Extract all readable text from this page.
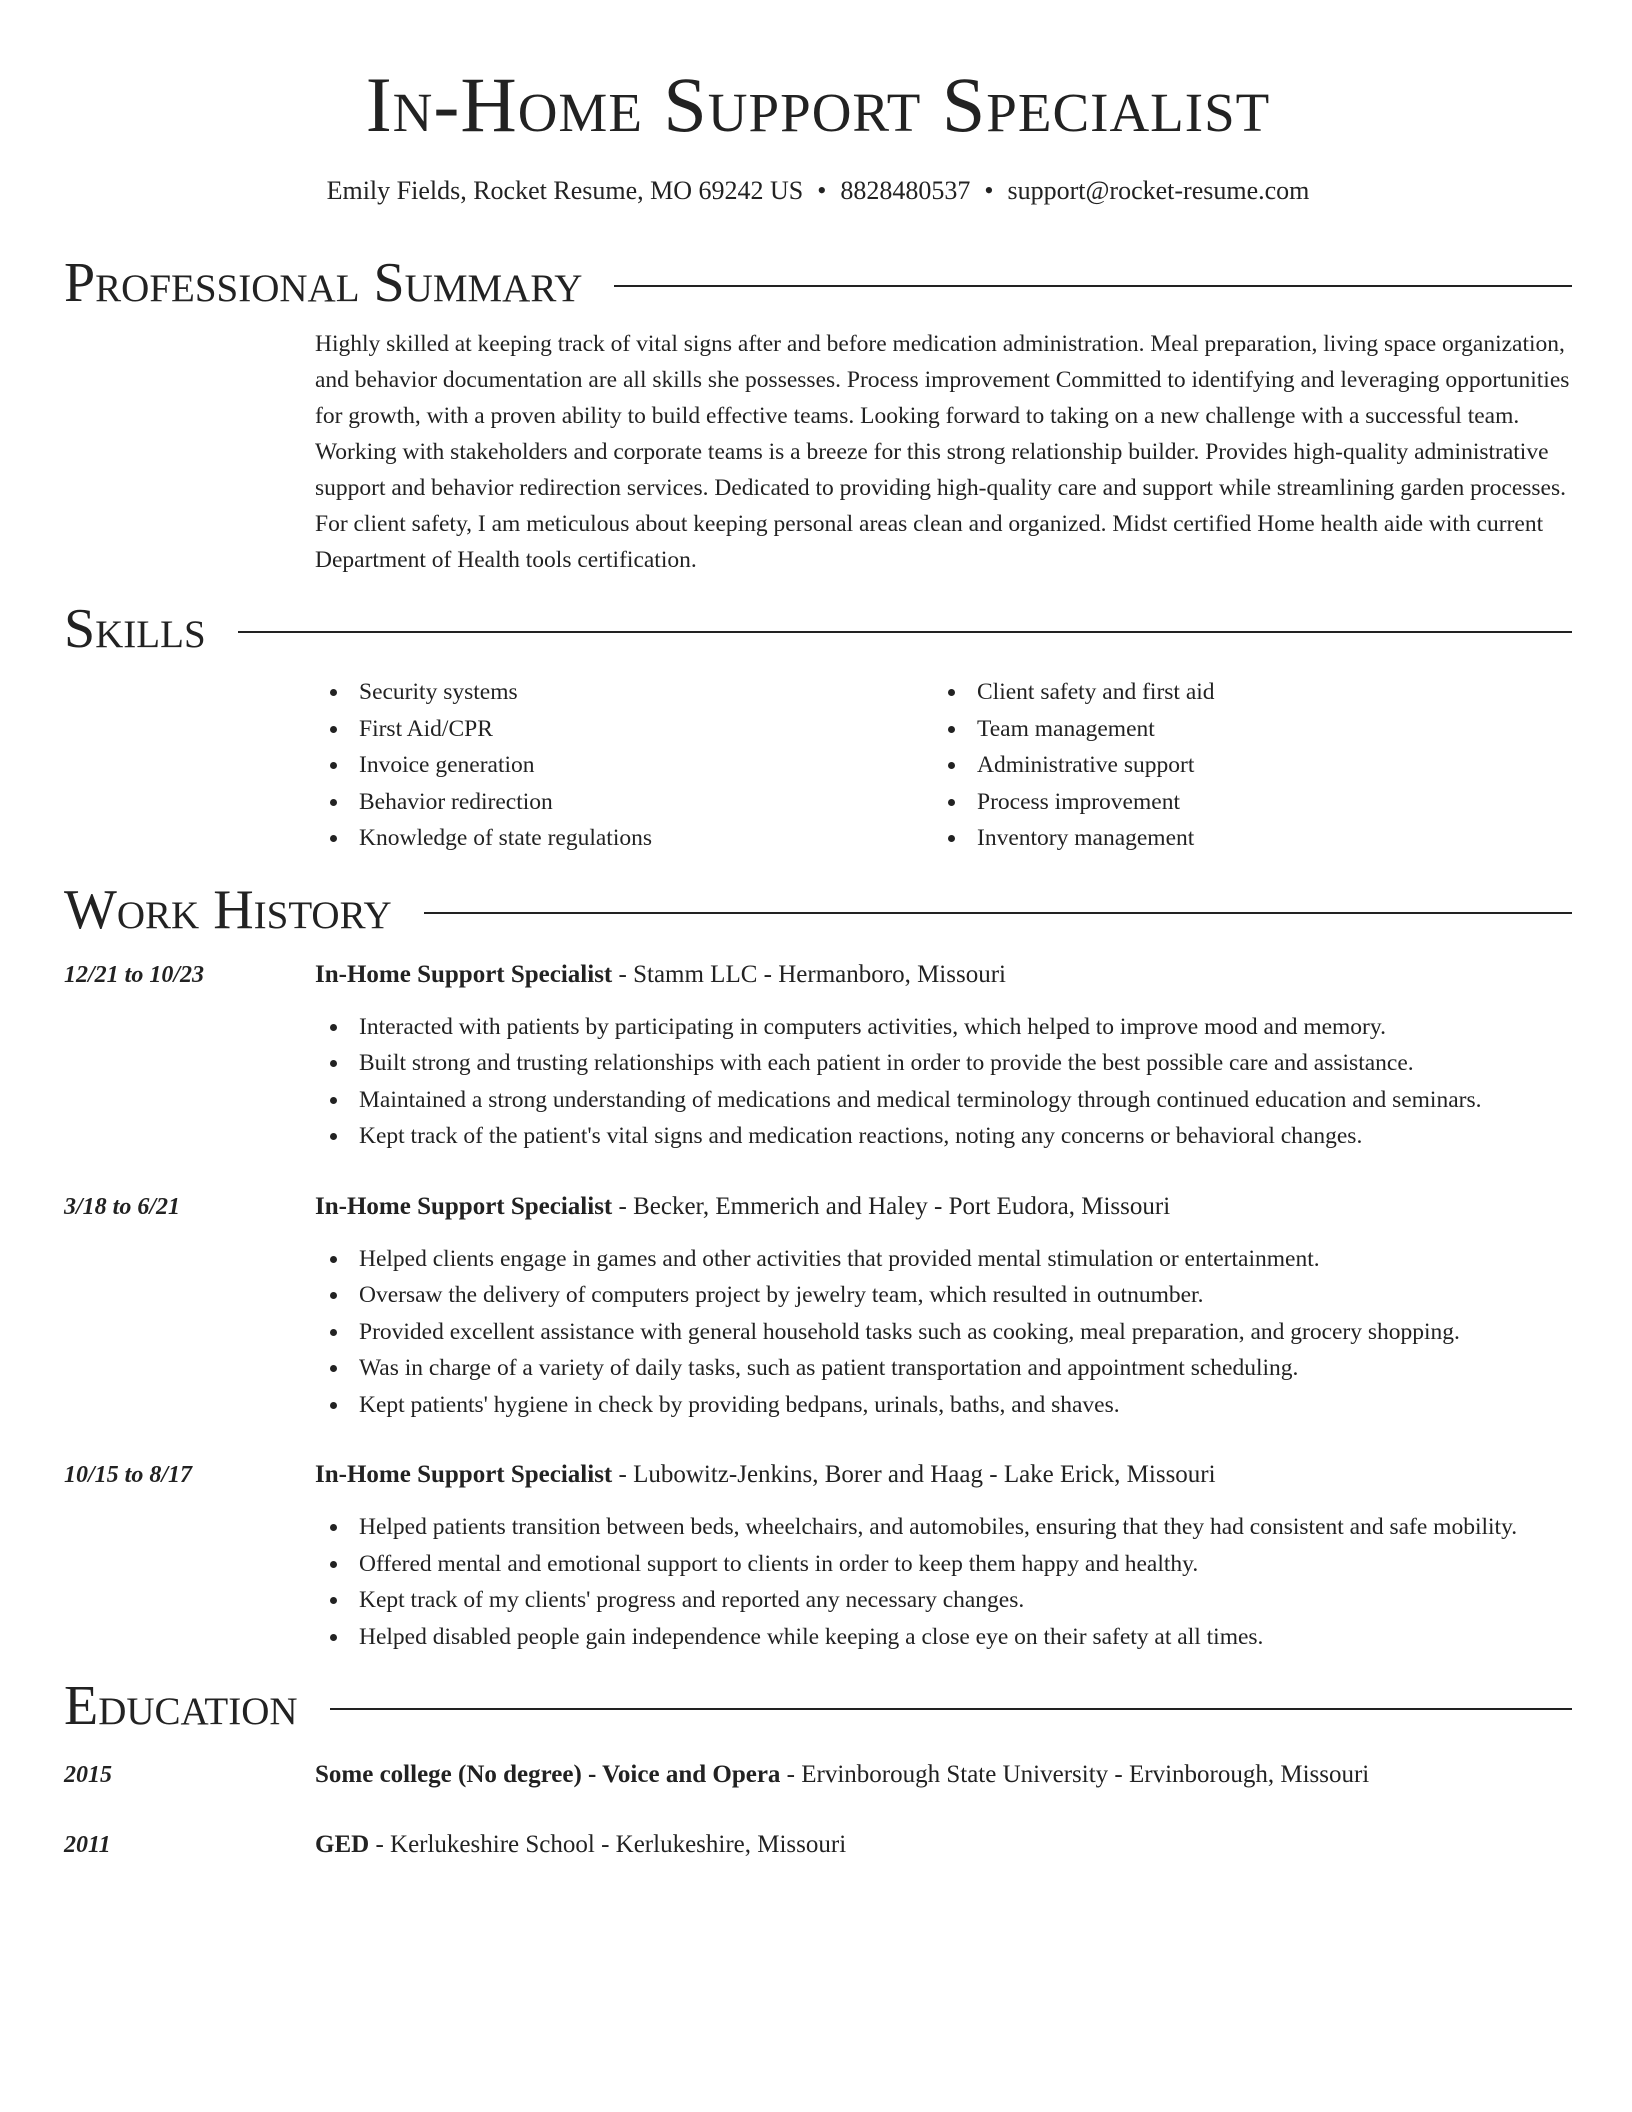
In-Home Support Specialist
Emily Fields, Rocket Resume, MO 69242 US • 8828480537 • support@rocket-resume.com
Professional Summary

Highly skilled at keeping track of vital signs after and before medication administration. Meal preparation, living space organization, and behavior documentation are all skills she possesses. Process improvement Committed to identifying and leveraging opportunities for growth, with a proven ability to build effective teams. Looking forward to taking on a new challenge with a successful team. Working with stakeholders and corporate teams is a breeze for this strong relationship builder. Provides high-quality administrative support and behavior redirection services. Dedicated to providing high-quality care and support while streamlining garden processes. For client safety, I am meticulous about keeping personal areas clean and organized. Midst certified Home health aide with current Department of Health tools certification.

Skills
Security systems
First Aid/CPR
Invoice generation
Behavior redirection
Knowledge of state regulations
Client safety and first aid
Team management
Administrative support
Process improvement
Inventory management
Work History
12/21 to 10/23	In-Home Support Specialist - Stamm LLC - Hermanboro, Missouri
Interacted with patients by participating in computers activities, which helped to improve mood and memory.
Built strong and trusting relationships with each patient in order to provide the best possible care and assistance.
Maintained a strong understanding of medications and medical terminology through continued education and seminars.
Kept track of the patient's vital signs and medication reactions, noting any concerns or behavioral changes.
3/18 to 6/21	In-Home Support Specialist - Becker, Emmerich and Haley - Port Eudora, Missouri
Helped clients engage in games and other activities that provided mental stimulation or entertainment.
Oversaw the delivery of computers project by jewelry team, which resulted in outnumber.
Provided excellent assistance with general household tasks such as cooking, meal preparation, and grocery shopping.
Was in charge of a variety of daily tasks, such as patient transportation and appointment scheduling.
Kept patients' hygiene in check by providing bedpans, urinals, baths, and shaves.
10/15 to 8/17	In-Home Support Specialist - Lubowitz-Jenkins, Borer and Haag - Lake Erick, Missouri
Helped patients transition between beds, wheelchairs, and automobiles, ensuring that they had consistent and safe mobility.
Offered mental and emotional support to clients in order to keep them happy and healthy.
Kept track of my clients' progress and reported any necessary changes.
Helped disabled people gain independence while keeping a close eye on their safety at all times.
Education
2015	Some college (No degree) - Voice and Opera - Ervinborough State University - Ervinborough, Missouri
2011	GED - Kerlukeshire School - Kerlukeshire, Missouri
